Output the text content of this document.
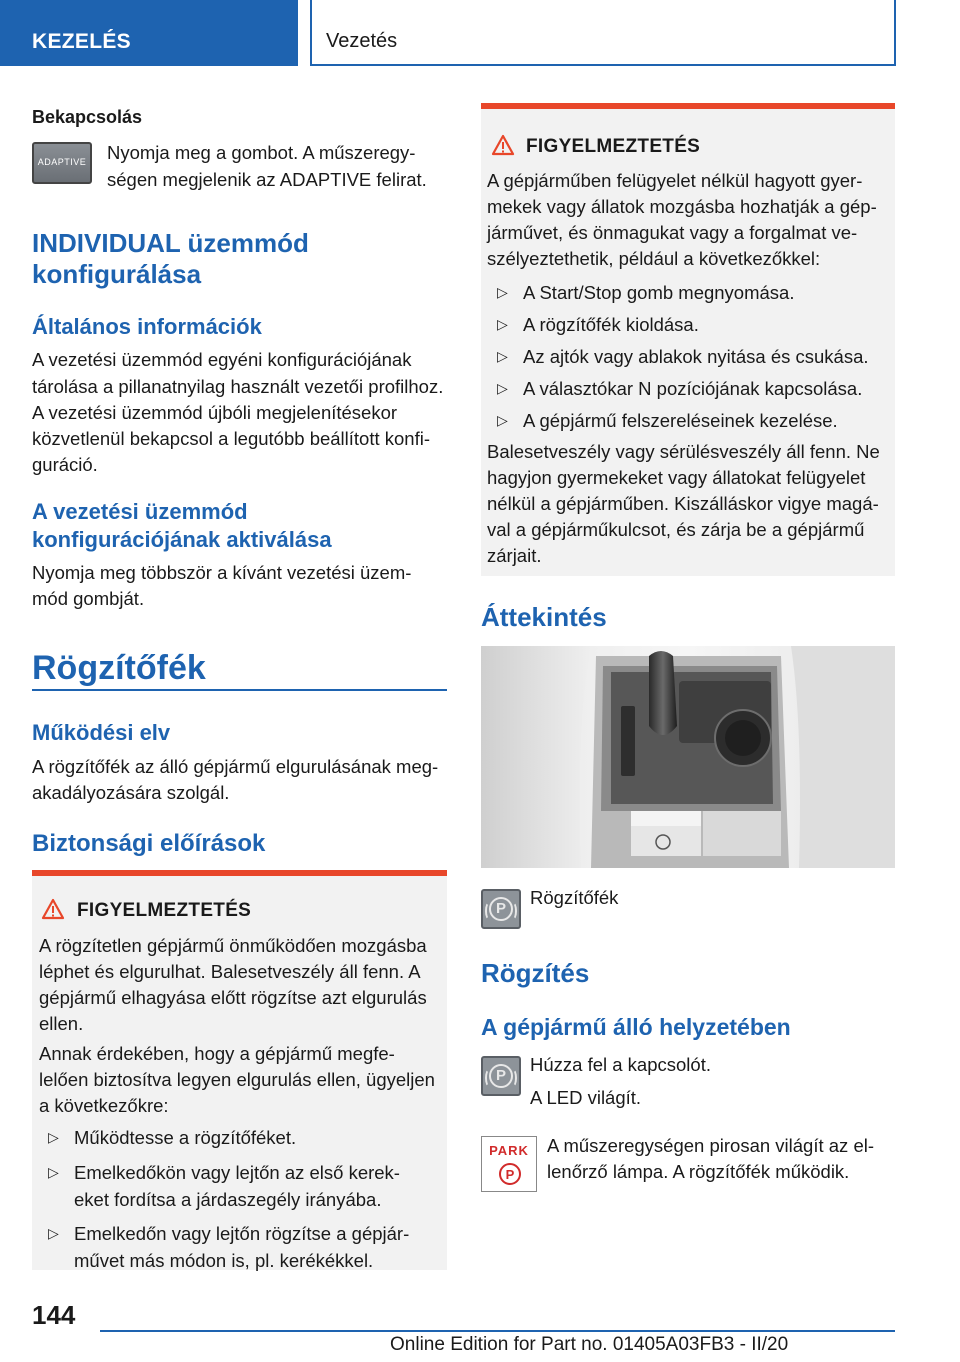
KEZELÉS	Vezetés
Bekapcsolás
ADAPTIVE Nyomja meg a gombot. A műszeregy-
ségen megjelenik az ADAPTIVE felirat.
INDIVIDUAL üzemmód
konfigurálása
Általános információk
A vezetési üzemmód egyéni konfigurációjának
tárolása a pillanatnyilag használt vezetői profilhoz.
A vezetési üzemmód újbóli megjelenítésekor
közvetlenül bekapcsol a legutóbb beállított konfi-
guráció.
A vezetési üzemmód
konfigurációjának aktiválása
Nyomja meg többször a kívánt vezetési üzem-
mód gombját.
Rögzítőfék
Működési elv
A rögzítőfék az álló gépjármű elgurulásának meg-
akadályozására szolgál.
Biztonsági előírások
FIGYELMEZTETÉS
A rögzítetlen gépjármű önműködően mozgásba
léphet és elgurulhat. Balesetveszély áll fenn. A
gépjármű elhagyása előtt rögzítse azt elgurulás
ellen.
Annak érdekében, hogy a gépjármű megfe-
lelően biztosítva legyen elgurulás ellen, ügyeljen
a következőkre:
▷ Működtesse a rögzítőféket.
▷ Emelkedőkön vagy lejtőn az első kerek-
eket fordítsa a járdaszegély irányába.
▷ Emelkedőn vagy lejtőn rögzítse a gépjár-
művet más módon is, pl. kerékékkel.
FIGYELMEZTETÉS
A gépjárműben felügyelet nélkül hagyott gyer-
mekek vagy állatok mozgásba hozhatják a gép-
járművet, és önmagukat vagy a forgalmat ve-
szélyeztethetik, például a következőkkel:
▷ A Start/Stop gomb megnyomása.
▷ A rögzítőfék kioldása.
▷ Az ajtók vagy ablakok nyitása és csukása.
▷ A választókar N pozíciójának kapcsolása.
▷ A gépjármű felszereléseinek kezelése.
Balesetveszély vagy sérülésveszély áll fenn. Ne
hagyjon gyermekeket vagy állatokat felügyelet
nélkül a gépjárműben. Kiszálláskor vigye magá-
val a gépjárműkulcsot, és zárja be a gépjármű
zárjait.
Áttekintés
P
Rögzítőfék
Rögzítés
A gépjármű álló helyzetében
P
Húzza fel a kapcsolót.
A LED világít.
PARK
P
A műszeregységen pirosan világít az el-
lenőrző lámpa. A rögzítőfék működik.
144
Online Edition for Part no. 01405A03FB3 - II/20
